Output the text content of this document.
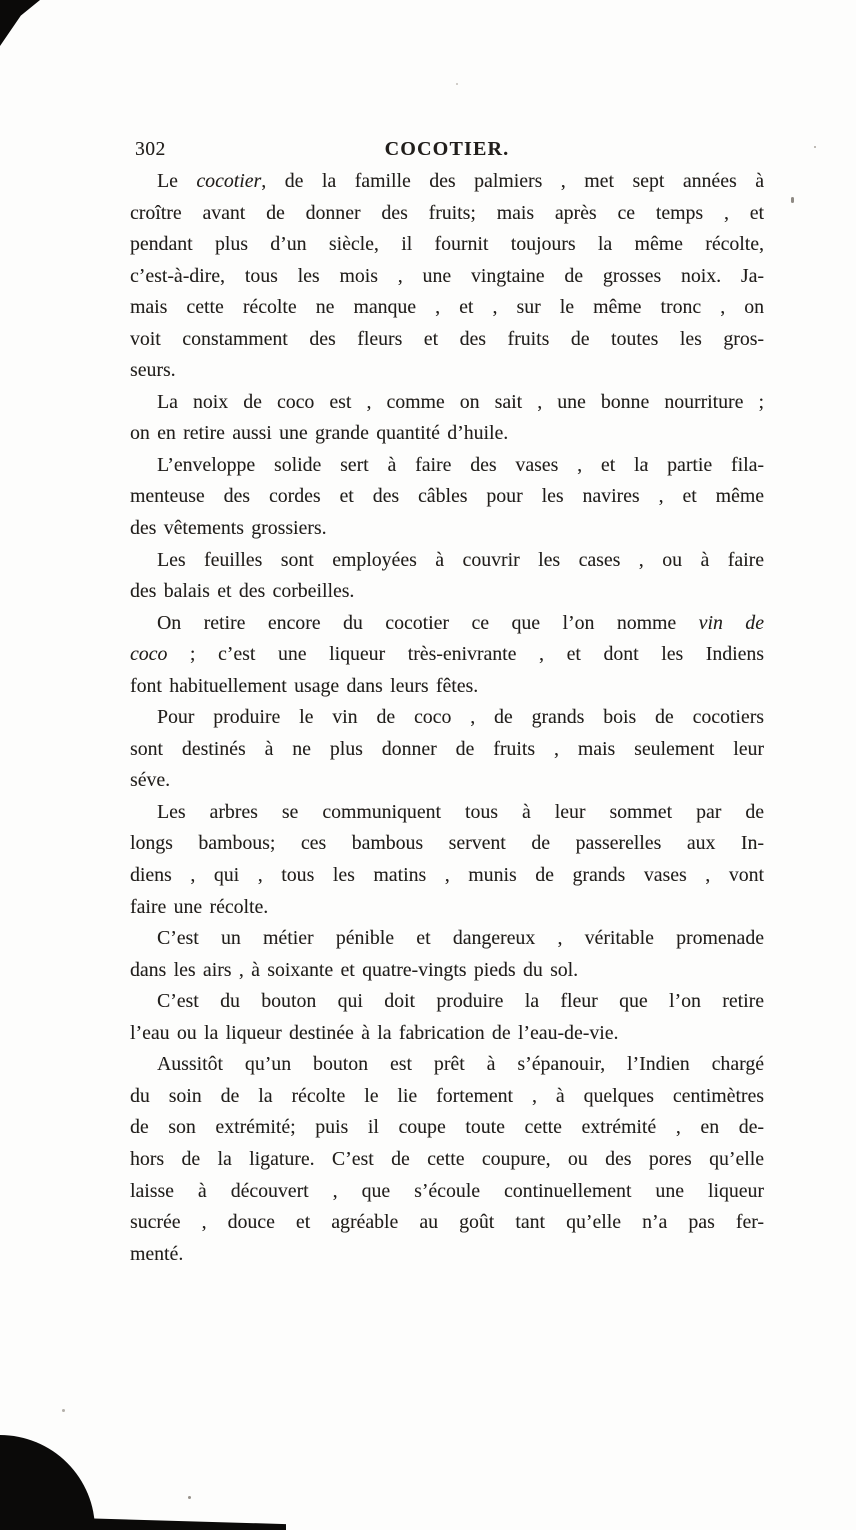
302	COCOTIER.
Le cocotier, de la famille des palmiers , met sept années à
croître avant de donner des fruits; mais après ce temps , et
pendant plus d’un siècle, il fournit toujours la même récolte,
c’est-à-dire, tous les mois , une vingtaine de grosses noix. Ja-
mais cette récolte ne manque , et , sur le même tronc , on
voit constamment des fleurs et des fruits de toutes les gros-
seurs.
La noix de coco est , comme on sait , une bonne nourriture ;
on en retire aussi une grande quantité d’huile.
L’enveloppe solide sert à faire des vases , et la partie fila-
menteuse des cordes et des câbles pour les navires , et même
des vêtements grossiers.
Les feuilles sont employées à couvrir les cases , ou à faire
des balais et des corbeilles.
On retire encore du cocotier ce que l’on nomme vin de
coco ; c’est une liqueur très-enivrante , et dont les Indiens
font habituellement usage dans leurs fêtes.
Pour produire le vin de coco , de grands bois de cocotiers
sont destinés à ne plus donner de fruits , mais seulement leur
séve.
Les arbres se communiquent tous à leur sommet par de
longs bambous; ces bambous servent de passerelles aux In-
diens , qui , tous les matins , munis de grands vases , vont
faire une récolte.
C’est un métier pénible et dangereux , véritable promenade
dans les airs , à soixante et quatre-vingts pieds du sol.
C’est du bouton qui doit produire la fleur que l’on retire
l’eau ou la liqueur destinée à la fabrication de l’eau-de-vie.
Aussitôt qu’un bouton est prêt à s’épanouir, l’Indien chargé
du soin de la récolte le lie fortement , à quelques centimètres
de son extrémité; puis il coupe toute cette extrémité , en de-
hors de la ligature. C’est de cette coupure, ou des pores qu’elle
laisse à découvert , que s’écoule continuellement une liqueur
sucrée , douce et agréable au goût tant qu’elle n’a pas fer-
menté.
